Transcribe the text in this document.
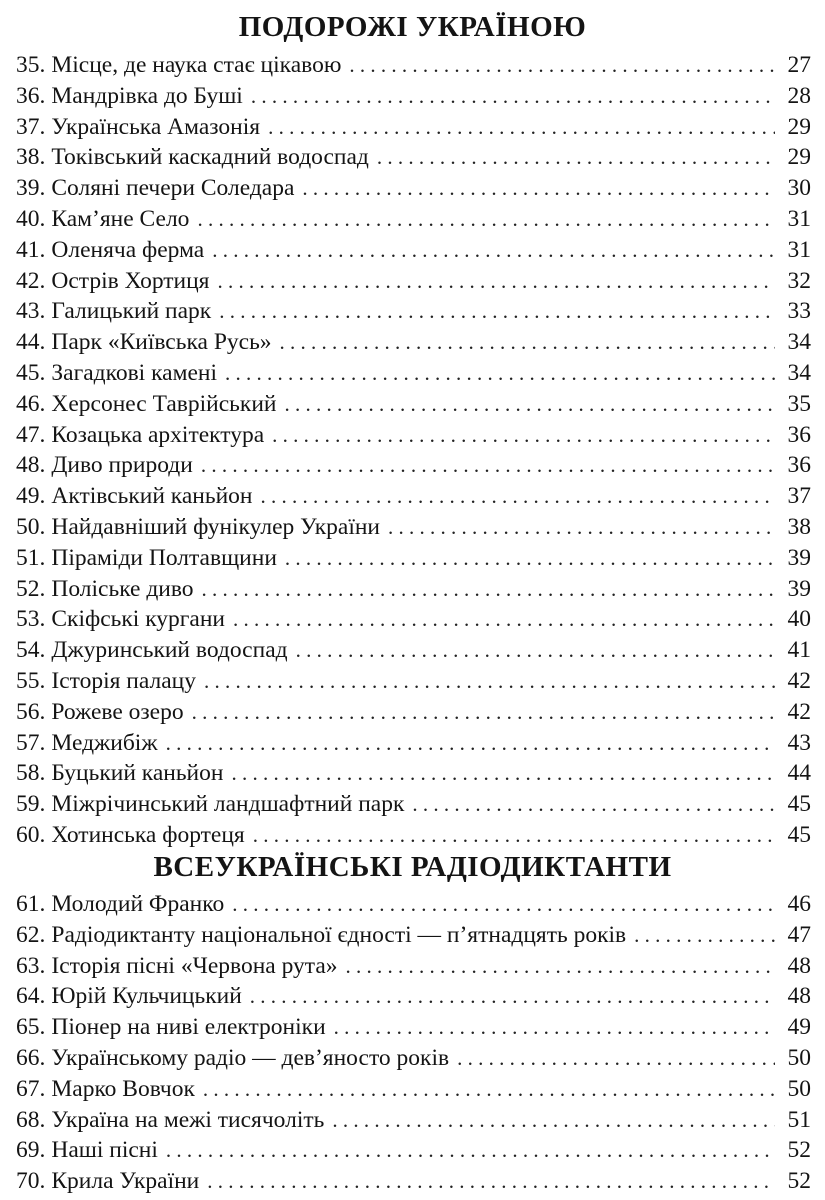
ПОДОРОЖІ УКРАЇНОЮ
35. Місце, де наука стає цікавою . . .	27
36. Мандрівка до Буші . . .	28
37. Українська Амазонія . . .	29
38. Токівський каскадний водоспад . . .	29
39. Соляні печери Соледара . . .	30
40. Кам’яне Село . . .	31
41. Оленяча ферма . . .	31
42. Острів Хортиця . . .	32
43. Галицький парк . . .	33
44. Парк «Київська Русь» . . .	34
45. Загадкові камені . . .	34
46. Херсонес Таврійський . . .	35
47. Козацька архітектура . . .	36
48. Диво природи . . .	36
49. Актівський каньйон . . .	37
50. Найдавніший фунікулер України . . .	38
51. Піраміди Полтавщини . . .	39
52. Поліське диво . . .	39
53. Скіфські кургани . . .	40
54. Джуринський водоспад . . .	41
55. Історія палацу . . .	42
56. Рожеве озеро . . .	42
57. Меджибіж . . .	43
58. Буцький каньйон . . .	44
59. Міжрічинський ландшафтний парк . . .	45
60. Хотинська фортеця . . .	45
ВСЕУКРАЇНСЬКІ РАДІОДИКТАНТИ
61. Молодий Франко . . .	46
62. Радіодиктанту національної єдності — п’ятнадцять років . . .	47
63. Історія пісні «Червона рута» . . .	48
64. Юрій Кульчицький . . .	48
65. Піонер на ниві електроніки . . .	49
66. Українському радіо — дев’яносто років . . .	50
67. Марко Вовчок . . .	50
68. Україна на межі тисячоліть . . .	51
69. Наші пісні . . .	52
70. Крила України . . .	52
